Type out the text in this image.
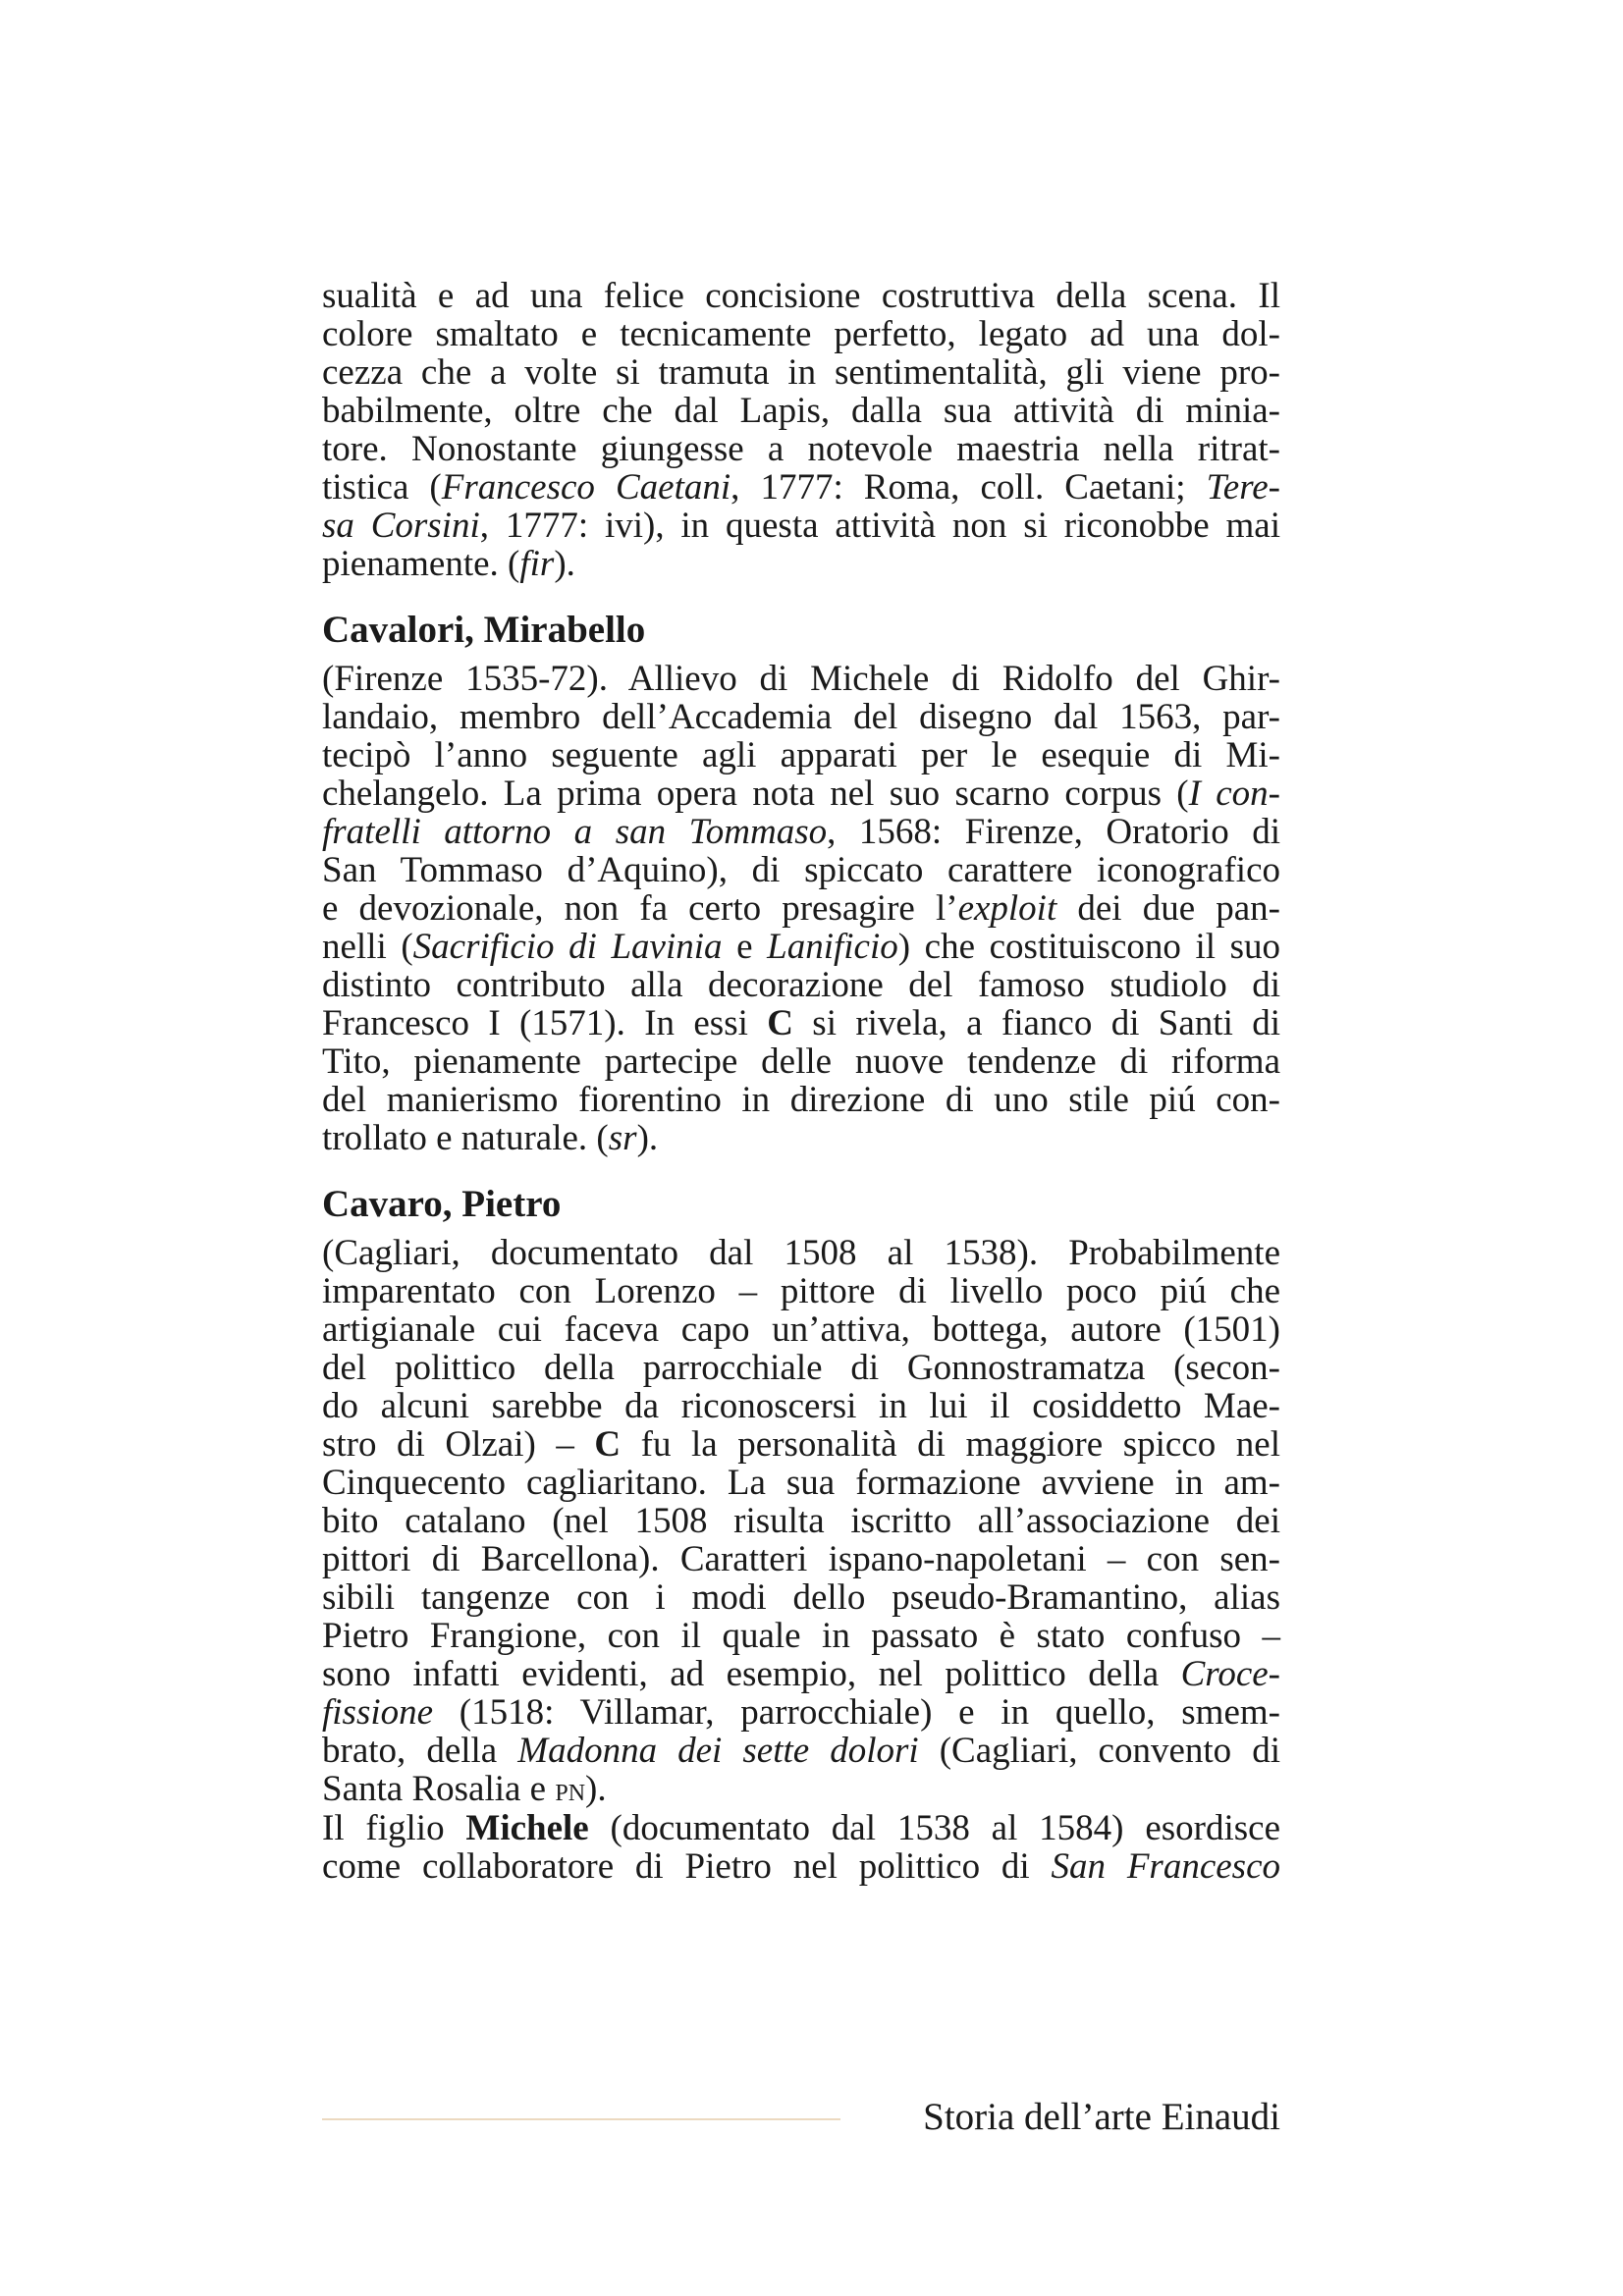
sualità e ad una felice concisione costruttiva della scena. Il
colore smaltato e tecnicamente perfetto, legato ad una dol-
cezza che a volte si tramuta in sentimentalità, gli viene pro-
babilmente, oltre che dal Lapis, dalla sua attività di minia-
tore. Nonostante giungesse a notevole maestria nella ritrat-
tistica (Francesco Caetani, 1777: Roma, coll. Caetani; Tere-
sa Corsini, 1777: ivi), in questa attività non si riconobbe mai
pienamente. (fir).
Cavalori, Mirabello
(Firenze 1535-72). Allievo di Michele di Ridolfo del Ghir-
landaio, membro dell’Accademia del disegno dal 1563, par-
tecipò l’anno seguente agli apparati per le esequie di Mi-
chelangelo. La prima opera nota nel suo scarno corpus (I con-
fratelli attorno a san Tommaso, 1568: Firenze, Oratorio di
San Tommaso d’Aquino), di spiccato carattere iconografico
e devozionale, non fa certo presagire l’exploit dei due pan-
nelli (Sacrificio di Lavinia e Lanificio) che costituiscono il suo
distinto contributo alla decorazione del famoso studiolo di
Francesco I (1571). In essi C si rivela, a fianco di Santi di
Tito, pienamente partecipe delle nuove tendenze di riforma
del manierismo fiorentino in direzione di uno stile piú con-
trollato e naturale. (sr).
Cavaro, Pietro
(Cagliari, documentato dal 1508 al 1538). Probabilmente
imparentato con Lorenzo – pittore di livello poco piú che
artigianale cui faceva capo un’attiva, bottega, autore (1501)
del polittico della parrocchiale di Gonnostramatza (secon-
do alcuni sarebbe da riconoscersi in lui il cosiddetto Mae-
stro di Olzai) – C fu la personalità di maggiore spicco nel
Cinquecento cagliaritano. La sua formazione avviene in am-
bito catalano (nel 1508 risulta iscritto all’associazione dei
pittori di Barcellona). Caratteri ispano-napoletani – con sen-
sibili tangenze con i modi dello pseudo-Bramantino, alias
Pietro Frangione, con il quale in passato è stato confuso –
sono infatti evidenti, ad esempio, nel polittico della Croce-
fissione (1518: Villamar, parrocchiale) e in quello, smem-
brato, della Madonna dei sette dolori (Cagliari, convento di
Santa Rosalia e pn).
Il figlio Michele (documentato dal 1538 al 1584) esordisce
come collaboratore di Pietro nel polittico di San Francesco
Storia dell’arte Einaudi
